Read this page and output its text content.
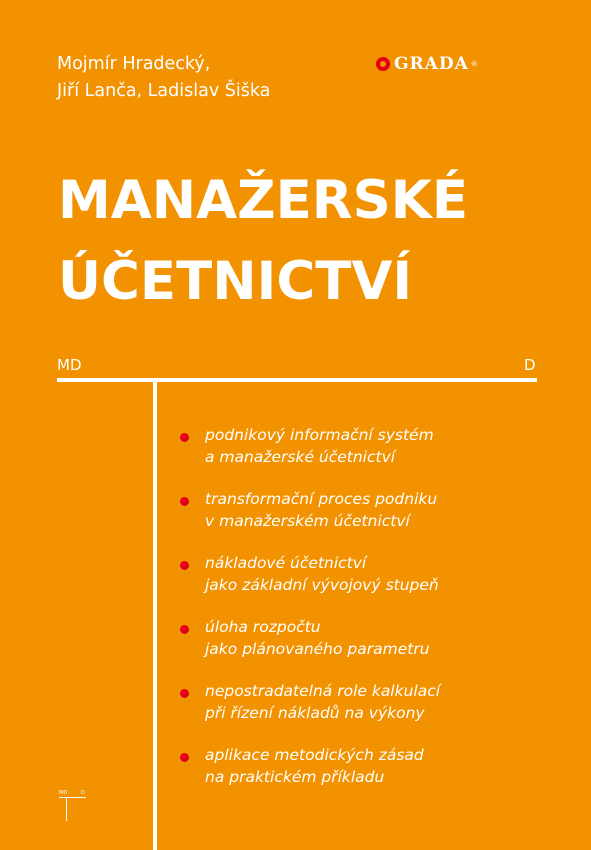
Mojmír Hradecký,
Jiří Lanča, Ladislav Šiška
GRADA ®
MANAŽERSKÉ
ÚČETNICTVÍ
MD	D
podnikový informační systém
a manažerské účetnictví
transformační proces podniku
v manažerském účetnictví
nákladové účetnictví
jako základní vývojový stupeň
úloha rozpočtu
jako plánovaného parametru
nepostradatelná role kalkulací
při řízení nákladů na výkony
aplikace metodických zásad
na praktickém příkladu
MD	D
